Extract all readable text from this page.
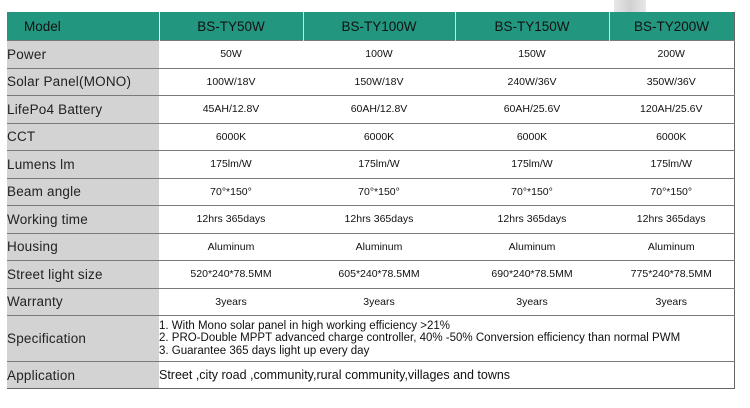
Model	BS-TY50W	BS-TY100W	BS-TY150W	BS-TY200W
Power	50W	100W	150W	200W
Solar Panel(MONO)	100W/18V	150W/18V	240W/36V	350W/36V
LifePo4 Battery	45AH/12.8V	60AH/12.8V	60AH/25.6V	120AH/25.6V
CCT	6000K	6000K	6000K	6000K
Lumens lm	175lm/W	175lm/W	175lm/W	175lm/W
Beam angle	70°*150°	70°*150°	70°*150°	70°*150°
Working time	12hrs 365days	12hrs 365days	12hrs 365days	12hrs 365days
Housing	Aluminum	Aluminum	Aluminum	Aluminum
Street light size	520*240*78.5MM	605*240*78.5MM	690*240*78.5MM	775*240*78.5MM
Warranty	3years	3years	3years	3years
Specification	1. With Mono solar panel in high working efficiency >21%
2. PRO-Double MPPT advanced charge controller, 40% -50% Conversion efficiency than normal PWM
3. Guarantee 365 days light up every day			

Application	Street ,city road ,community,rural community,villages and towns			
